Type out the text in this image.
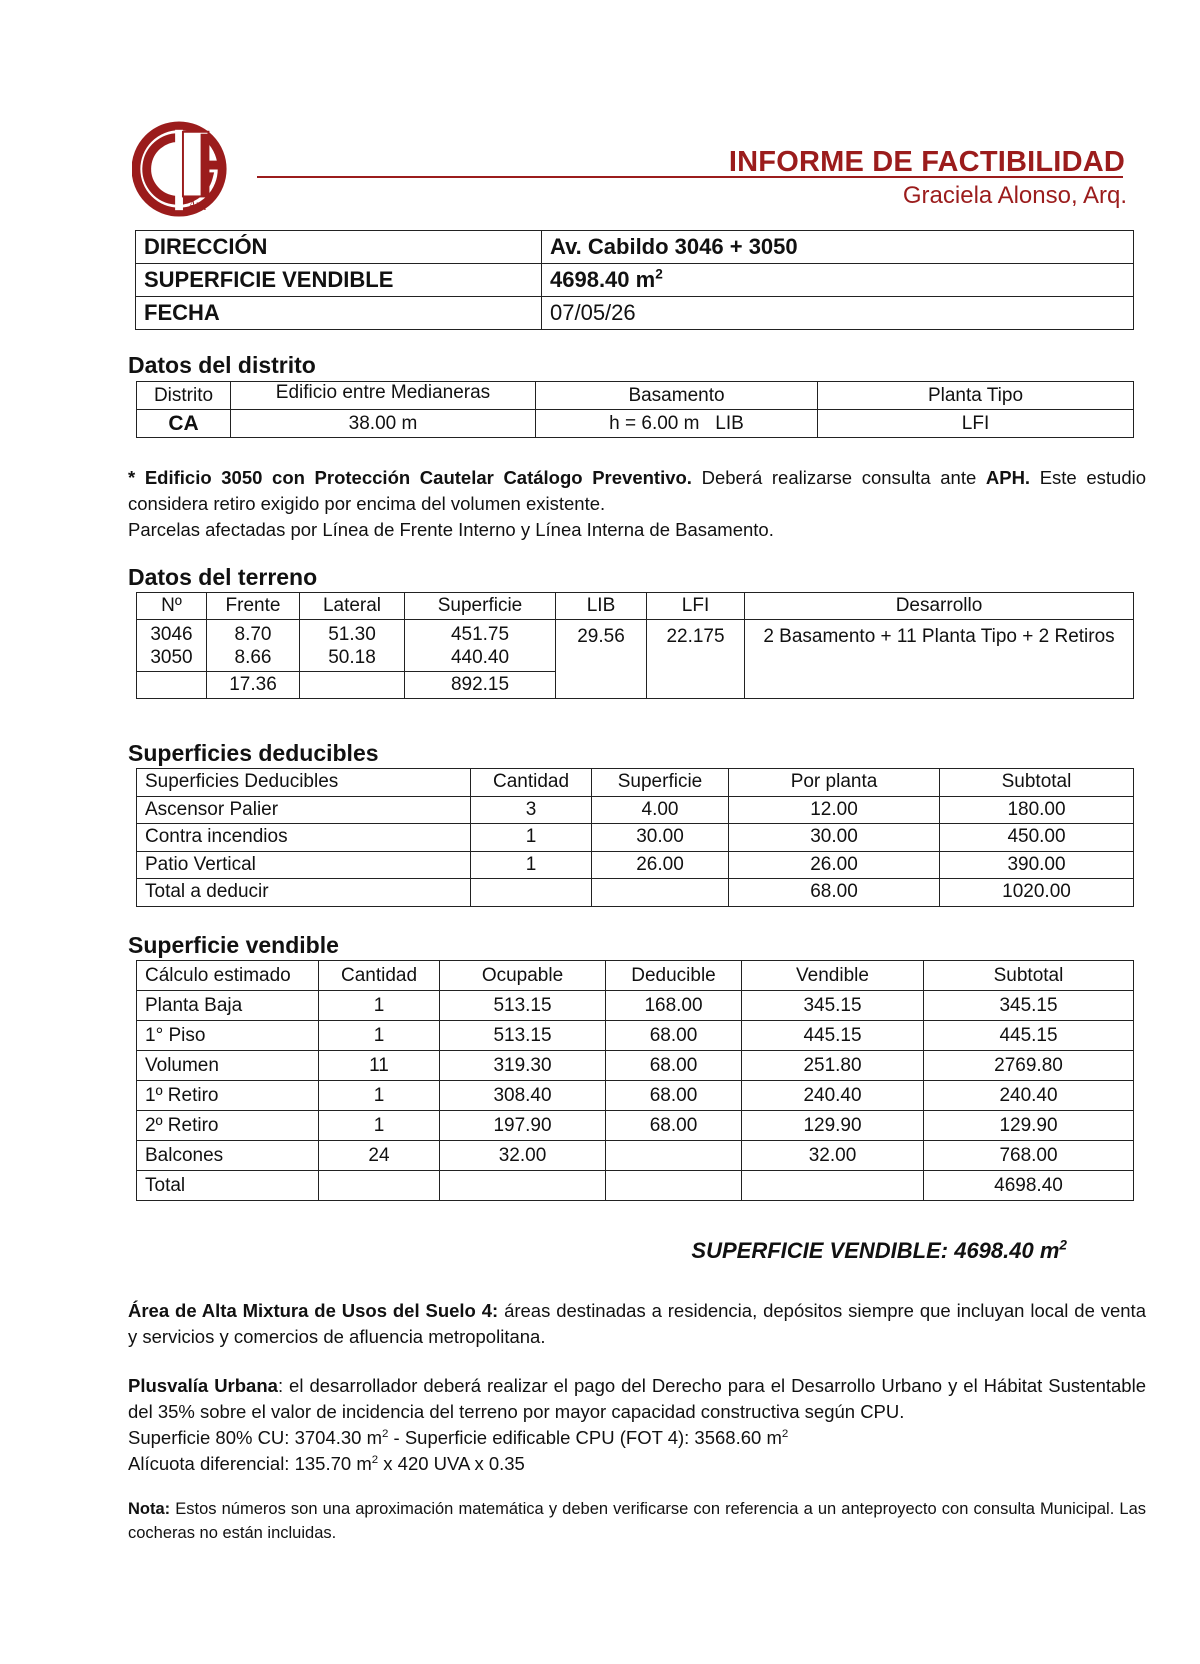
Arq
INFORME DE FACTIBILIDAD
Graciela Alonso, Arq.
DIRECCIÓN	Av. Cabildo 3046 + 3050
SUPERFICIE VENDIBLE	4698.40 $m^2$
FECHA	07/05/26
Datos del distrito
Distrito	Edificio entre Medianeras	Basamento	Planta Tipo
CA	38.00 m	h = 6.00 m   LIB	LFI

* Edificio 3050 con Protección Cautelar Catálogo Preventivo. Deberá realizarse consulta ante APH. Este estudio considera retiro exigido por encima del volumen existente.
Parcelas afectadas por Línea de Frente Interno y Línea Interna de Basamento.

Datos del terreno
Nº	Frente	Lateral	Superficie	LIB	LFI	Desarrollo
3046	8.70	51.30	451.75	29.56	22.175	2 Basamento + 11 Planta Tipo + 2 Retiros
3050	8.66	50.18	440.40			
	17.36		892.15			
Superficies deducibles
Superficies Deducibles	Cantidad	Superficie	Por planta	Subtotal
Ascensor Palier	3	4.00	12.00	180.00
Contra incendios	1	30.00	30.00	450.00
Patio Vertical	1	26.00	26.00	390.00
Total a deducir			68.00	1020.00
Superficie vendible
Cálculo estimado	Cantidad	Ocupable	Deducible	Vendible	Subtotal
Planta Baja	1	513.15	168.00	345.15	345.15
1° Piso	1	513.15	68.00	445.15	445.15
Volumen	11	319.30	68.00	251.80	2769.80
1º Retiro	1	308.40	68.00	240.40	240.40
2º Retiro	1	197.90	68.00	129.90	129.90
Balcones	24	32.00		32.00	768.00
Total					4698.40
SUPERFICIE VENDIBLE: 4698.40 $m^2$

Área de Alta Mixtura de Usos del Suelo 4: áreas destinadas a residencia, depósitos siempre que incluyan local de venta y servicios y comercios de afluencia metropolitana.

Plusvalía Urbana: el desarrollador deberá realizar el pago del Derecho para el Desarrollo Urbano y el Hábitat Sustentable del 35% sobre el valor de incidencia del terreno por mayor capacidad constructiva según CPU.
Superficie 80% CU: 3704.30 $m^2$ - Superficie edificable CPU (FOT 4): 3568.60 $m^2$
Alícuota diferencial: 135.70 $m^2$ x 420 UVA x 0.35

Nota: Estos números son una aproximación matemática y deben verificarse con referencia a un anteproyecto con consulta Municipal. Las cocheras no están incluidas.
